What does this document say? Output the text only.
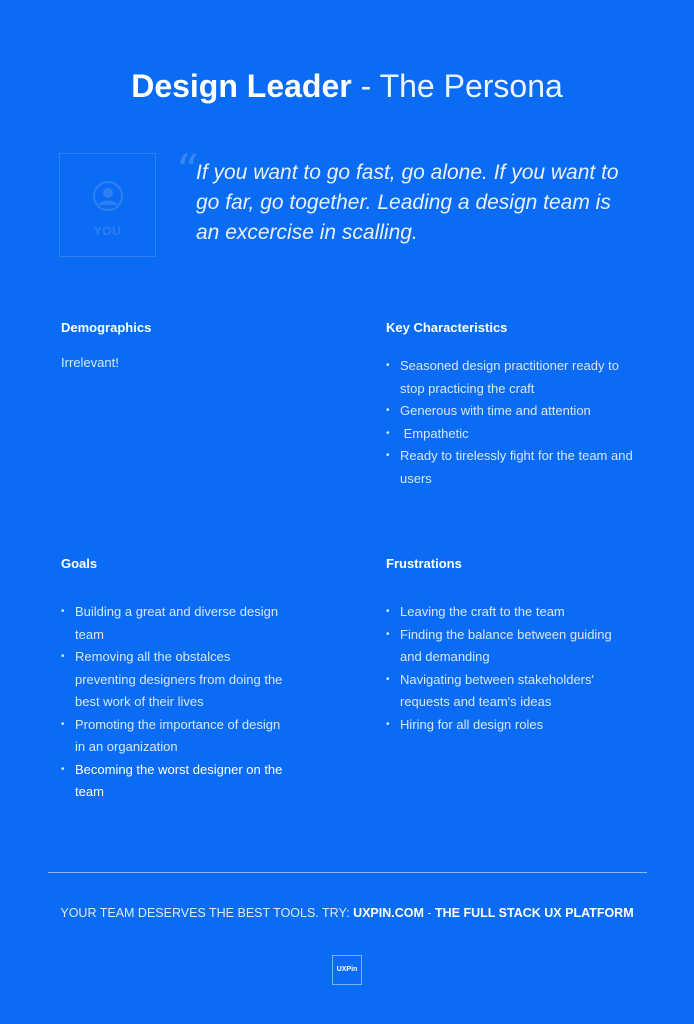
Design Leader - The Persona
YOU
“
If you want to go fast, go alone. If you want to go far, go together. Leading a design team is an excercise in scalling.
Demographics
Irrelevant!
Key Characteristics
• Seasoned design practitioner ready to stop practicing the craft
• Generous with time and attention
•  Empathetic
• Ready to tirelessly fight for the team and users
Goals
• Building a great and diverse design team
• Removing all the obstalces preventing designers from doing the best work of their lives
• Promoting the importance of design in an organization
• Becoming the worst designer on the team
Frustrations
• Leaving the craft to the team
• Finding the balance between guiding and demanding
• Navigating between stakeholders' requests and team's ideas
• Hiring for all design roles
YOUR TEAM DESERVES THE BEST TOOLS. TRY: UXPIN.COM - THE FULL STACK UX PLATFORM
UXPin
